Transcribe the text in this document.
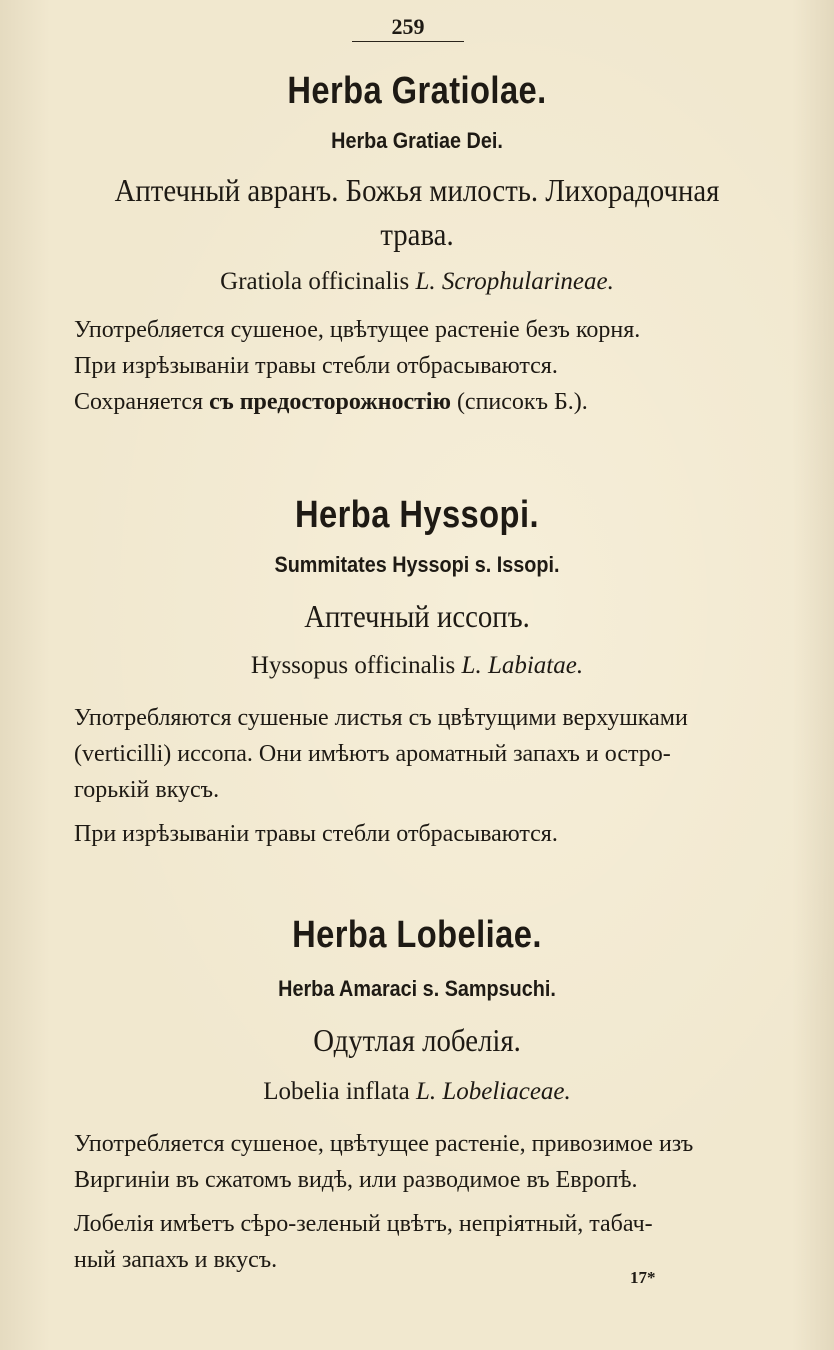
259
Herba Gratiolae.
Herba Gratiae Dei.
Аптечный авранъ. Божья милость. Лихорадочная
трава.
Gratiola officinalis L. Scrophularineae.
Употребляется сушеное, цвѣтущее растенiе безъ корня.
При изрѣзываніи травы стебли отбрасываются.
Сохраняется съ предосторожностію (списокъ Б.).
Herba Hyssopi.
Summitates Hyssopi s. Issopi.
Аптечный иссопъ.
Hyssopus officinalis L. Labiatae.
Употребляются сушеные листья съ цвѣтущими верхушками
(verticilli) иссопа. Они имѣютъ ароматный запахъ и остро-
горькій вкусъ.
При изрѣзываніи травы стебли отбрасываются.
Herba Lobeliae.
Herba Amaraci s. Sampsuchi.
Одутлая лобелія.
Lobelia inflata L. Lobeliaceae.
Употребляется сушеное, цвѣтущее растенiе, привозимое изъ
Виргиніи въ сжатомъ видѣ, или разводимое въ Европѣ.
Лобелія имѣетъ сѣро-зеленый цвѣтъ, непріятный, табач-
ный запахъ и вкусъ.
17*
